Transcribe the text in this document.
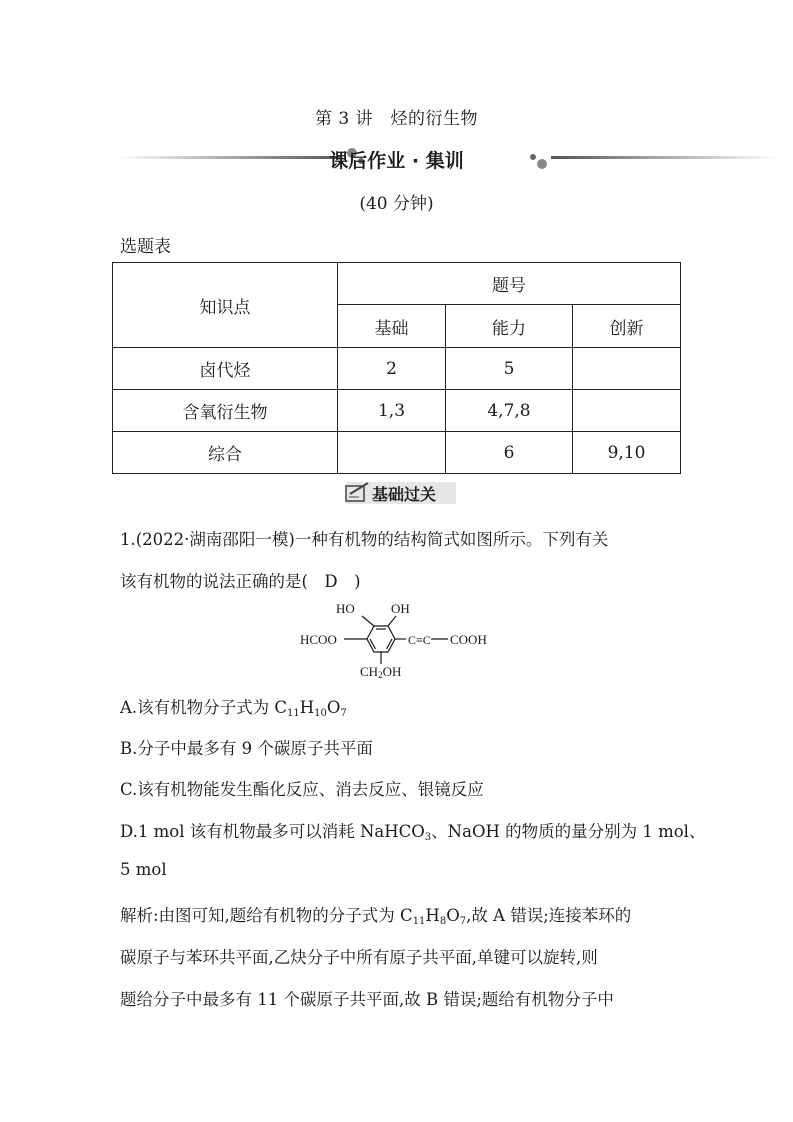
第 3 讲　烃的衍生物
课后作业 · 集训
(40 分钟)
选题表
知识点	题号		
	基础	能力	创新
卤代烃	2	5	
含氧衍生物	1,3	4,7,8	
综合		6	9,10
基础过关
1.(2022·湖南邵阳一模)一种有机物的结构简式如图所示。下列有关
该有机物的说法正确的是(　D　)
HO	OH
HCOO	COOH
CH2OH
C≡C
A.该有机物分子式为 $C_{11}H_{10}O_7$
B.分子中最多有 9 个碳原子共平面
C.该有机物能发生酯化反应、消去反应、银镜反应
D.1 mol 该有机物最多可以消耗 NaHCO$_3$、NaOH 的物质的量分别为 1 mol、
5 mol
解析:由图可知,题给有机物的分子式为 $C_{11}H_8O_7$,故 A 错误;连接苯环的
碳原子与苯环共平面,乙炔分子中所有原子共平面,单键可以旋转,则
题给分子中最多有 11 个碳原子共平面,故 B 错误;题给有机物分子中
